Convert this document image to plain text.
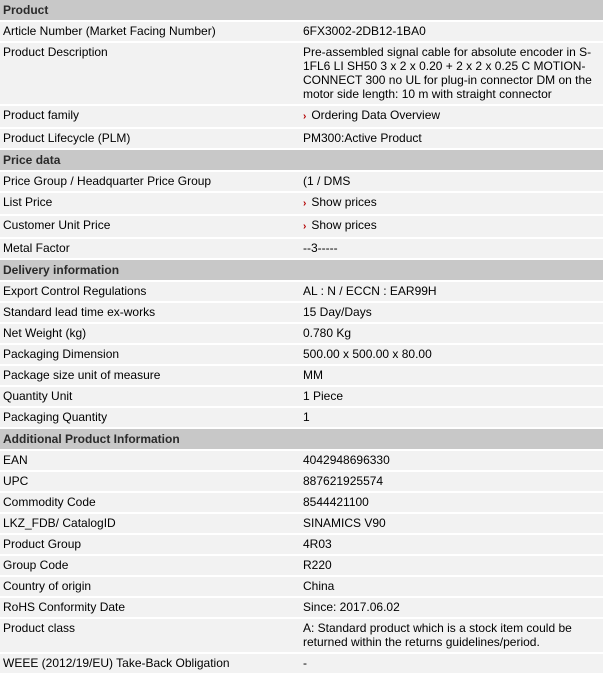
Product	
Article Number (Market Facing Number)	6FX3002-2DB12-1BA0
Product Description	Pre-assembled signal cable for absolute encoder in S-1FL6 LI SH50 3 x 2 x 0.20 + 2 x 2 x 0.25 C MOTION-CONNECT 300 no UL for plug-in connector DM on the motor side length: 10 m with straight connector
Product family	› Ordering Data Overview
Product Lifecycle (PLM)	PM300:Active Product
Price data	
Price Group / Headquarter Price Group	(1 / DMS
List Price	› Show prices
Customer Unit Price	› Show prices
Metal Factor	--3-----
Delivery information	
Export Control Regulations	AL : N / ECCN : EAR99H
Standard lead time ex-works	15 Day/Days
Net Weight (kg)	0.780 Kg
Packaging Dimension	500.00 x 500.00 x 80.00
Package size unit of measure	MM
Quantity Unit	1 Piece
Packaging Quantity	1
Additional Product Information	
EAN	4042948696330
UPC	887621925574
Commodity Code	8544421100
LKZ_FDB/ CatalogID	SINAMICS V90
Product Group	4R03
Group Code	R220
Country of origin	China
RoHS Conformity Date	Since: 2017.06.02
Product class	A: Standard product which is a stock item could be returned within the returns guidelines/period.
WEEE (2012/19/EU) Take-Back Obligation	-
